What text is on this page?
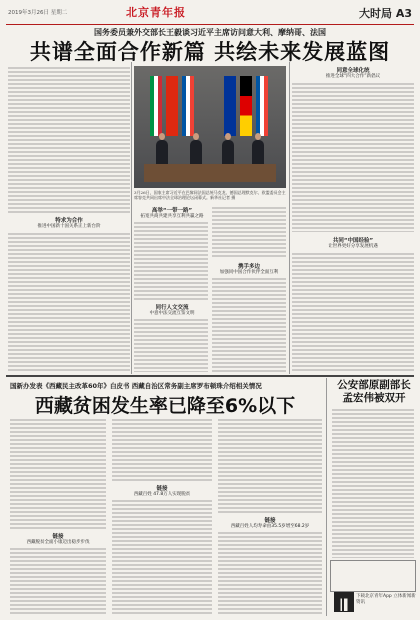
2019年3月26日 星期二	北京青年报	大时局 A3
国务委员兼外交部长王毅谈习近平主席访问意大利、摩纳哥、法国
共谱全面合作新篇 共绘未来发展蓝图
特求为合作
推进中国新十国关系正上新台阶
3月26日，国家主席习近平在巴黎同法国总统马克龙、德国总理默克尔、欧盟委员会主席容克共同出席中法全球治理论坛闭幕式。新华社记者 摄
高举“一带一路”
拓宽共商共建共享互利共赢之路
同行人文交流
中意中法交流互鉴文明
携手多边
加强同中国合作伙伴全面互利
同意全球化统
推进全球“四大合作”新倡议
共同“中国经验”
让世界更好分享发展机遇
国新办发表《西藏民主改革60年》白皮书 西藏自治区常务副主席罗布顿珠介绍相关情况
西藏贫困发生率已降至6%以下
链接
西藏脱贫全面小康迈出稳步步伐
链接
西藏百姓 47.8万人实现脱贫
链接
西藏百姓人均寿命由35.5岁增至68.2岁
公安部原副部长孟宏伟被双开
下载北京青年App 立体新闻新资讯
